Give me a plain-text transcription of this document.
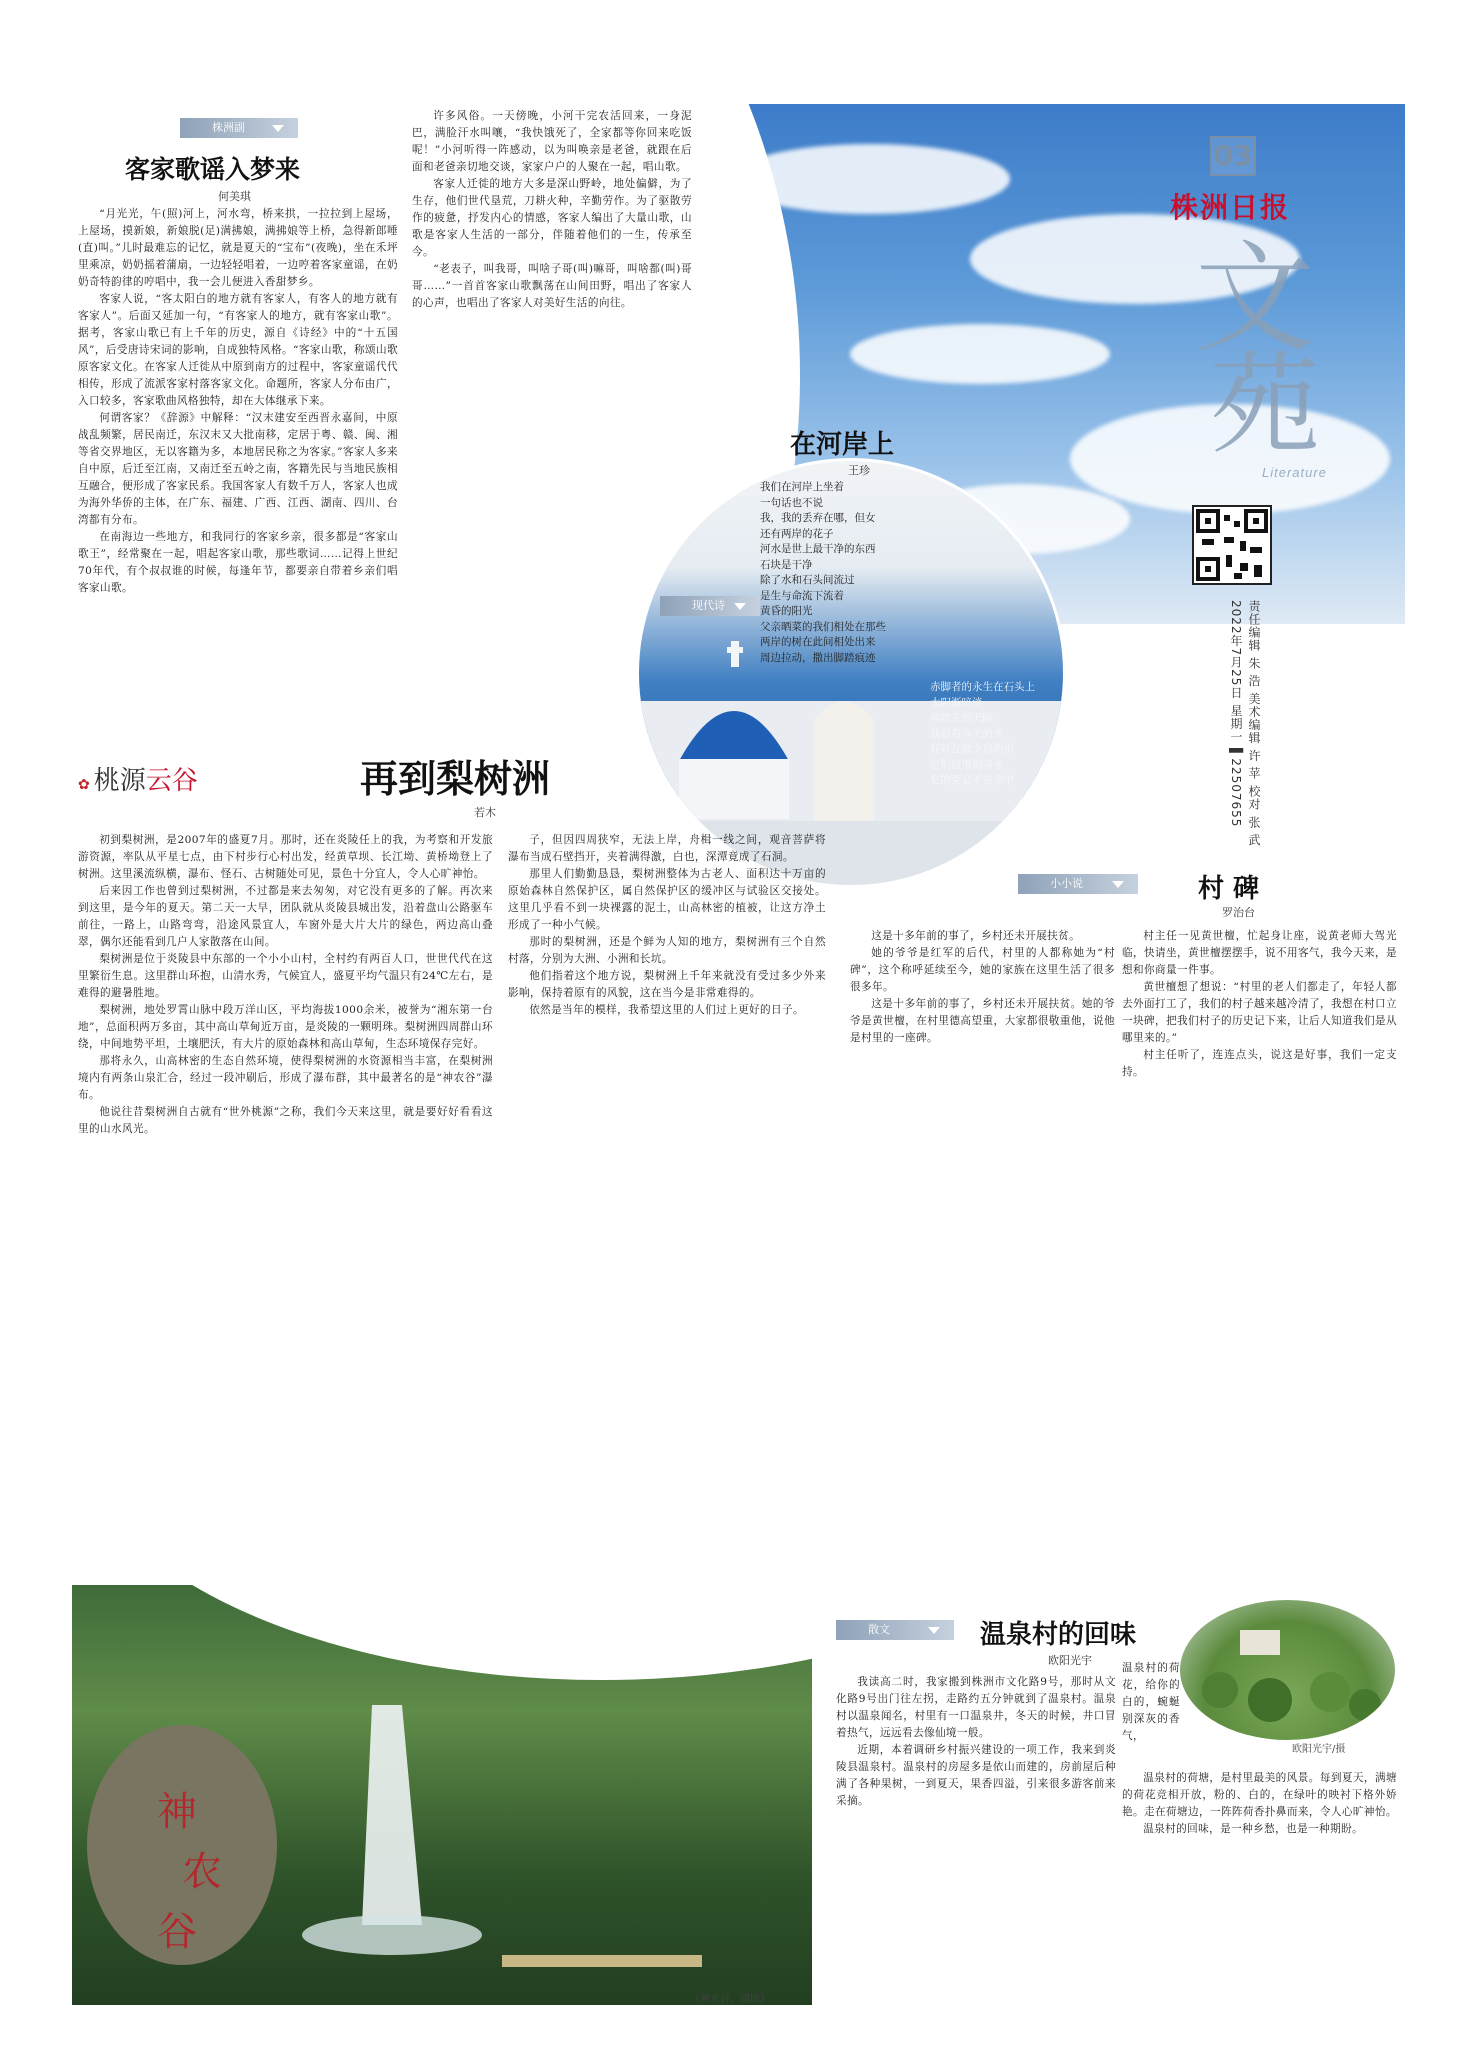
03
株洲日报
文
苑
Literature
责任编辑 朱 浩 美术编辑 许 苹 校对 张 武
2022年7月25日 星期一 ▌22507655
株洲副
客家歌谣入梦来
何美琪

“月光光，午(照)河上，河水弯，桥来拱，一拉拉到上屋场，上屋场，摸新娘，新娘脱(足)满拂娘，满拂娘等上桥，急得新郎唾(直)叫。”儿时最难忘的记忆，就是夏天的“宝布”(夜晚)，坐在禾坪里乘凉，奶奶摇着蒲扇，一边轻轻唱着，一边哼着客家童谣，在奶奶奇特韵律的哼唱中，我一会儿便进入香甜梦乡。

客家人说，“客太阳白的地方就有客家人，有客人的地方就有客家人”。后面又延加一句，“有客家人的地方，就有客家山歌”。据考，客家山歌已有上千年的历史，源自《诗经》中的“十五国风”，后受唐诗宋词的影响，自成独特风格。“客家山歌，称颂山歌原客家文化。在客家人迁徙从中原到南方的过程中，客家童谣代代相传，形成了流派客家村落客家文化。命题所，客家人分布由广，入口较多，客家歌曲风格独特，却在大体继承下来。

何谓客家？《辞源》中解释：“汉末建安至西晋永嘉间，中原战乱频繁，居民南迁，东汉末又大批南移，定居于粤、赣、闽、湘等省交界地区，无以客籍为多，本地居民称之为客家。”客家人多来自中原，后迁至江南，又南迁至五岭之南，客籍先民与当地民族相互融合，便形成了客家民系。我国客家人有数千万人，客家人也成为海外华侨的主体，在广东、福建、广西、江西、湖南、四川、台湾都有分布。

在南海边一些地方，和我同行的客家乡亲，很多都是“客家山歌王”，经常聚在一起，唱起客家山歌，那些歌词……记得上世纪70年代，有个叔叔谁的时候，每逢年节，都要亲自带着乡亲们唱客家山歌。

许多风俗。一天傍晚，小河干完农活回来，一身泥巴，满脸汗水叫嚷，“我快饿死了，全家都等你回来吃饭呢！”小河听得一阵感动，以为叫唤亲是老爸，就跟在后面和老爸亲切地交谈，家家户户的人聚在一起，唱山歌。

客家人迁徙的地方大多是深山野岭，地处偏僻，为了生存，他们世代垦荒，刀耕火种，辛勤劳作。为了驱散劳作的疲惫，抒发内心的情感，客家人编出了大量山歌，山歌是客家人生活的一部分，伴随着他们的一生，传承至今。

“老表子，叫我哥，叫啥子哥(叫)嘛哥，叫啥都(叫)哥哥……”一首首客家山歌飘荡在山间田野，唱出了客家人的心声，也唱出了客家人对美好生活的向往。

在河岸上
王珍
现代诗
我们在河岸上坐着
一句话也不说
我，我的丢弃在哪，但女
还有两岸的花子
河水是世上最干净的东西
石块是干净
除了水和石头间流过
是生与命流下流着
黄昏的阳光
父亲晒菜的我们相处在那些
两岸的树在此间相处出来
周边拉动，撒出脚踏痕迹
赤脚者的永生在石头上
太阳渐暗淡
风吹去的天际
我看看今天的水
好好在做个自的水
它们这里的清水
它的变会不在水中
✿ 桃源云谷	再到梨树洲
若木

初到梨树洲，是2007年的盛夏7月。那时，还在炎陵任上的我，为考察和开发旅游资源，率队从平星七点，由下村步行心村出发，经黄草坝、长江坳、黄桥坳登上了树洲。这里溪流纵横，瀑布、怪石、古树随处可见，景色十分宜人，令人心旷神怡。

后来因工作也曾到过梨树洲，不过都是来去匆匆，对它没有更多的了解。再次来到这里，是今年的夏天。第二天一大早，团队就从炎陵县城出发，沿着盘山公路驱车前往，一路上，山路弯弯，沿途风景宜人，车窗外是大片大片的绿色，两边高山叠翠，偶尔还能看到几户人家散落在山间。

梨树洲是位于炎陵县中东部的一个小小山村，全村约有两百人口，世世代代在这里繁衍生息。这里群山环抱，山清水秀，气候宜人，盛夏平均气温只有24℃左右，是难得的避暑胜地。

梨树洲，地处罗霄山脉中段万洋山区，平均海拔1000余米，被誉为“湘东第一台地”，总面积两万多亩，其中高山草甸近万亩，是炎陵的一颗明珠。梨树洲四周群山环绕，中间地势平坦，土壤肥沃，有大片的原始森林和高山草甸，生态环境保存完好。

那将永久，山高林密的生态自然环境，使得梨树洲的水资源相当丰富，在梨树洲境内有两条山泉汇合，经过一段冲刷后，形成了瀑布群，其中最著名的是“神农谷”瀑布。

他说往昔梨树洲自古就有“世外桃源”之称，我们今天来这里，就是要好好看看这里的山水风光。

子，但因四周狭窄，无法上岸，舟楫一线之间，观音菩萨将瀑布当成石壁挡开，夹着满得激，白也，深潭竟成了石洞。

那里人们勤勤恳恳，梨树洲整体为古老人、面积达十万亩的原始森林自然保护区，属自然保护区的缓冲区与试验区交接处。这里几乎看不到一块裸露的泥土，山高林密的植被，让这方净土形成了一种小气候。

那时的梨树洲，还是个鲜为人知的地方，梨树洲有三个自然村落，分别为大洲、小洲和长坑。

他们指着这个地方说，梨树洲上千年来就没有受过多少外来影响，保持着原有的风貌，这在当今是非常难得的。

依然是当年的模样，我希望这里的人们过上更好的日子。

小小说	村 碑
罗治台

这是十多年前的事了，乡村还未开展扶贫。

她的爷爷是红军的后代，村里的人都称她为“村碑”，这个称呼延续至今，她的家族在这里生活了很多很多年。

这是十多年前的事了，乡村还未开展扶贫。她的爷爷是黄世檀，在村里德高望重，大家都很敬重他，说他是村里的一座碑。

村主任一见黄世檀，忙起身让座，说黄老师大驾光临，快请坐，黄世檀摆摆手，说不用客气，我今天来，是想和你商量一件事。

黄世檀想了想说：“村里的老人们都走了，年轻人都去外面打工了，我们的村子越来越冷清了，我想在村口立一块碑，把我们村子的历史记下来，让后人知道我们是从哪里来的。”

村主任听了，连连点头，说这是好事，我们一定支持。

神
农
谷
《神农谷，周图》
散文	温泉村的回味
欧阳光宇
欧阳光宇/摄

温泉村的荷花，给你的白的，蜿蜒别深灰的香气，

我读高二时，我家搬到株洲市文化路9号，那时从文化路9号出门往左拐，走路约五分钟就到了温泉村。温泉村以温泉闻名，村里有一口温泉井，冬天的时候，井口冒着热气，远远看去像仙境一般。

近期，本着调研乡村振兴建设的一项工作，我来到炎陵县温泉村。温泉村的房屋多是依山而建的，房前屋后种满了各种果树，一到夏天，果香四溢，引来很多游客前来采摘。

温泉村的荷塘，是村里最美的风景。每到夏天，满塘的荷花竞相开放，粉的、白的，在绿叶的映衬下格外娇艳。走在荷塘边，一阵阵荷香扑鼻而来，令人心旷神怡。

温泉村的回味，是一种乡愁，也是一种期盼。
